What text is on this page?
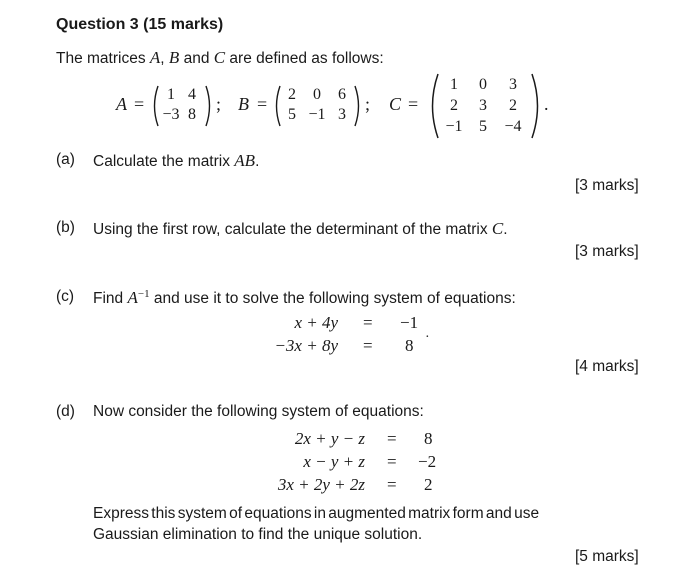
Question 3 (15 marks)
The matrices A, B and C are defined as follows:
A =	1 4
−3 8
; B =	2	0	6
5 −1 3
; C =
1	0	3
2	3	2
−1	5	−4
.
(a) Calculate the matrix AB.
[3 marks]
(b) Using the first row, calculate the determinant of the matrix C.
[3 marks]
(c) Find $A^{-1}$ and use it to solve the following system of equations:
x + 4y = −1
−3x + 8y = 8 ·
[4 marks]
(d) Now consider the following system of equations:
2x + y − z = 8
x − y + z = −2
3x + 2y + 2z = 2
Express this system of equations in augmented matrix form and use
Gaussian elimination to find the unique solution.
[5 marks]
